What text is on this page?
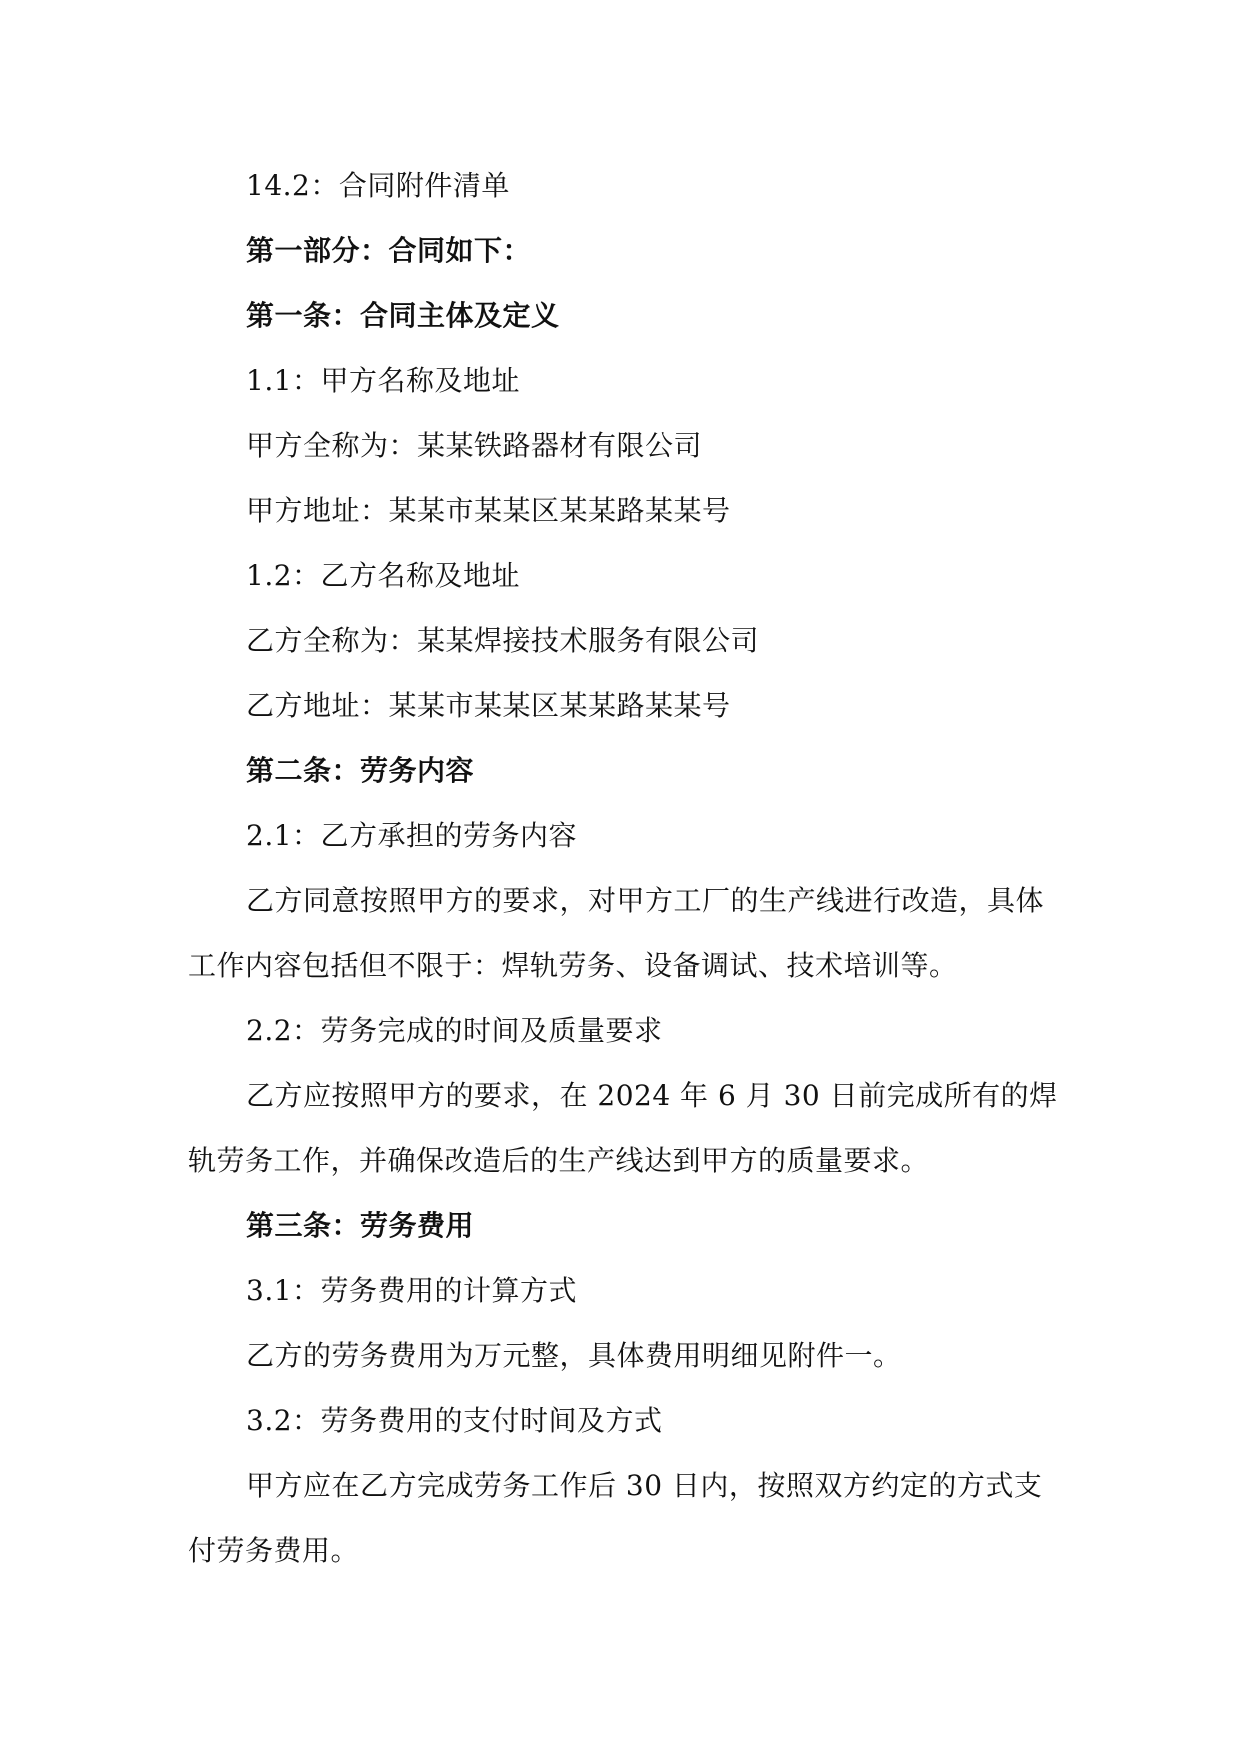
14.2：合同附件清单
第一部分：合同如下：
第一条：合同主体及定义
1.1：甲方名称及地址
甲方全称为：某某铁路器材有限公司
甲方地址：某某市某某区某某路某某号
1.2：乙方名称及地址
乙方全称为：某某焊接技术服务有限公司
乙方地址：某某市某某区某某路某某号
第二条：劳务内容
2.1：乙方承担的劳务内容

乙方同意按照甲方的要求，对甲方工厂的生产线进行改造，具体工作内容包括但不限于：焊轨劳务、设备调试、技术培训等。

2.2：劳务完成的时间及质量要求

乙方应按照甲方的要求，在 2024 年 6 月 30 日前完成所有的焊轨劳务工作，并确保改造后的生产线达到甲方的质量要求。

第三条：劳务费用
3.1：劳务费用的计算方式
乙方的劳务费用为万元整，具体费用明细见附件一。
3.2：劳务费用的支付时间及方式

甲方应在乙方完成劳务工作后 30 日内，按照双方约定的方式支付劳务费用。
